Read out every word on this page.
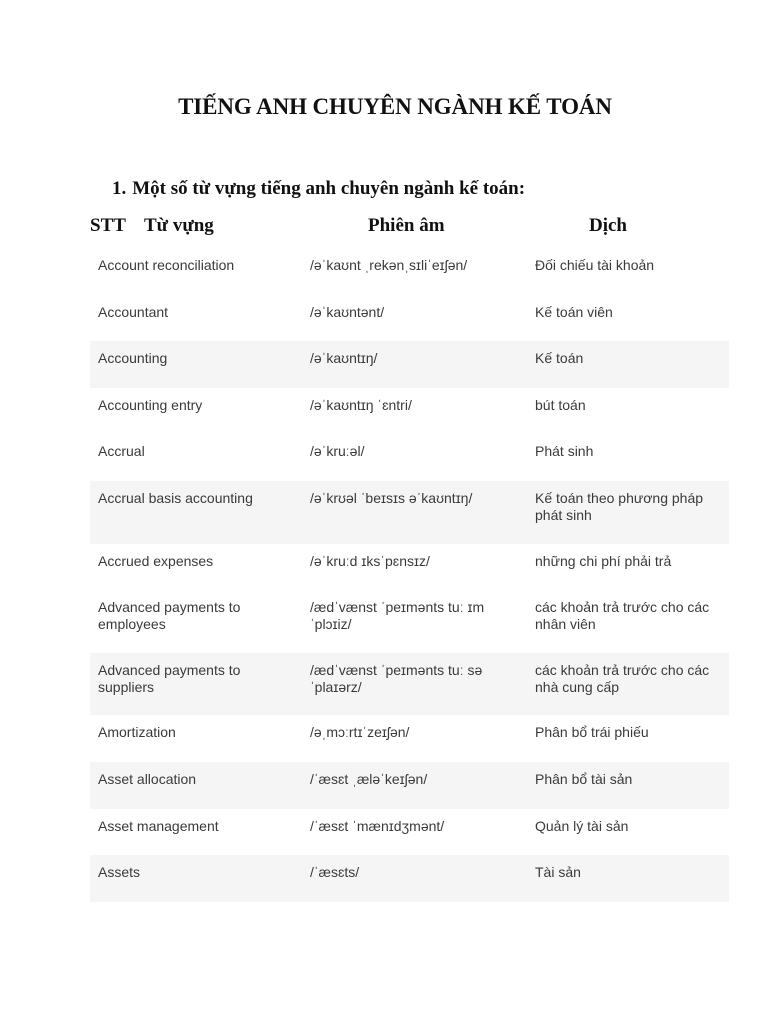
TIẾNG ANH CHUYÊN NGÀNH KẾ TOÁN
1. Một số từ vựng tiếng anh chuyên ngành kế toán:
STT Từ vựng	Phiên âm	Dịch
Account reconciliation	/əˈkaʊnt ˌrekənˌsɪliˈeɪʃən/	Đối chiếu tài khoản
Accountant	/əˈkaʊntənt/	Kế toán viên
Accounting	/əˈkaʊntɪŋ/	Kế toán
Accounting entry	/əˈkaʊntɪŋ ˈɛntri/	bút toán
Accrual	/əˈkruːəl/	Phát sinh
Accrual basis accounting	/əˈkrʊəl ˈbeɪsɪs əˈkaʊntɪŋ/	Kế toán theo phương pháp phát sinh
Accrued expenses	/əˈkruːd ɪksˈpɛnsɪz/	những chi phí phải trả
Advanced payments to employees	/ædˈvænst ˈpeɪmənts tuː ɪm ˈplɔɪiz/	các khoản trả trước cho các nhân viên
Advanced payments to suppliers	/ædˈvænst ˈpeɪmənts tuː sə ˈplaɪərz/	các khoản trả trước cho các nhà cung cấp
Amortization	/əˌmɔːrtɪˈzeɪʃən/	Phân bổ trái phiếu
Asset allocation	/ˈæsɛt ˌæləˈkeɪʃən/	Phân bổ tài sản
Asset management	/ˈæsɛt ˈmænɪdʒmənt/	Quản lý tài sản
Assets	/ˈæsɛts/	Tài sản
